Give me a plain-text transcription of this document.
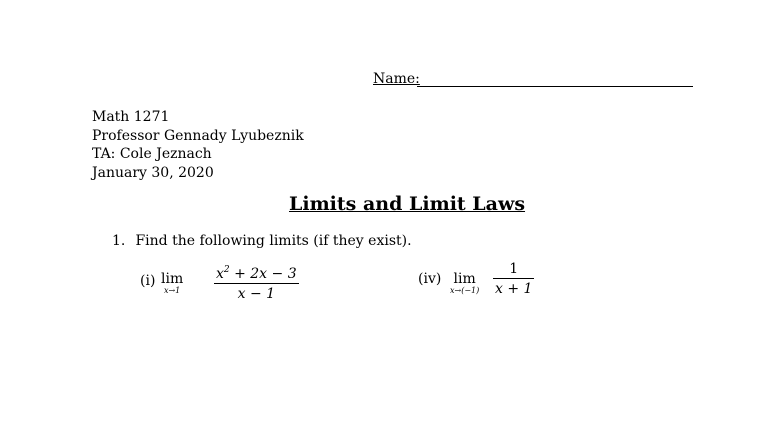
Name:
Math 1271
Professor Gennady Lyubeznik
TA: Cole Jeznach
January 30, 2020
Limits and Limit Laws
1. Find the following limits (if they exist).
(i) lim
x→1
$x^2 + 2x - 3$
x − 1
(iv) lim
x→(−1)
1
x + 1
